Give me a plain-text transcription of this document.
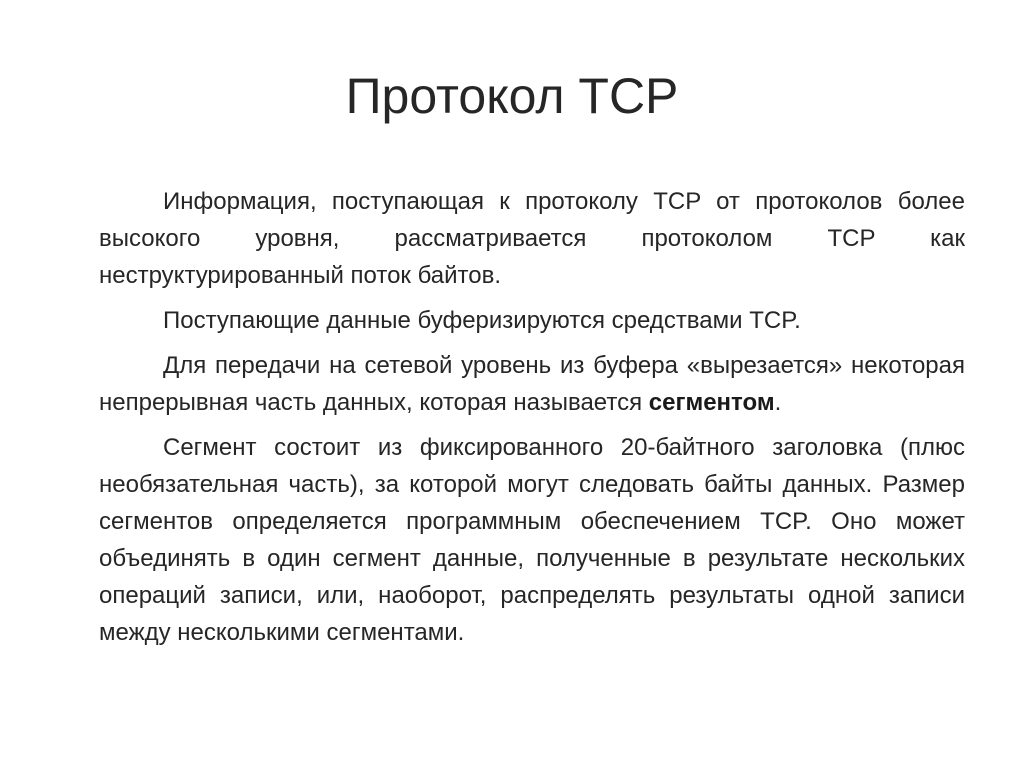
Протокол TCP

Информация, поступающая к протоколу TCP от протоколов более высокого уровня, рассматривается протоколом TCP как неструктурированный поток байтов.

Поступающие данные буферизируются средствами TCP.

Для передачи на сетевой уровень из буфера «вырезается» некоторая непрерывная часть данных, которая называется сегментом.

Сегмент состоит из фиксированного 20-байтного заголовка (плюс необязательная часть), за которой могут следовать байты данных. Размер сегментов определяется программным обеспечением TCP. Оно может объединять в один сегмент данные, полученные в результате нескольких операций записи, или, наоборот, распределять результаты одной записи между несколькими сегментами.
